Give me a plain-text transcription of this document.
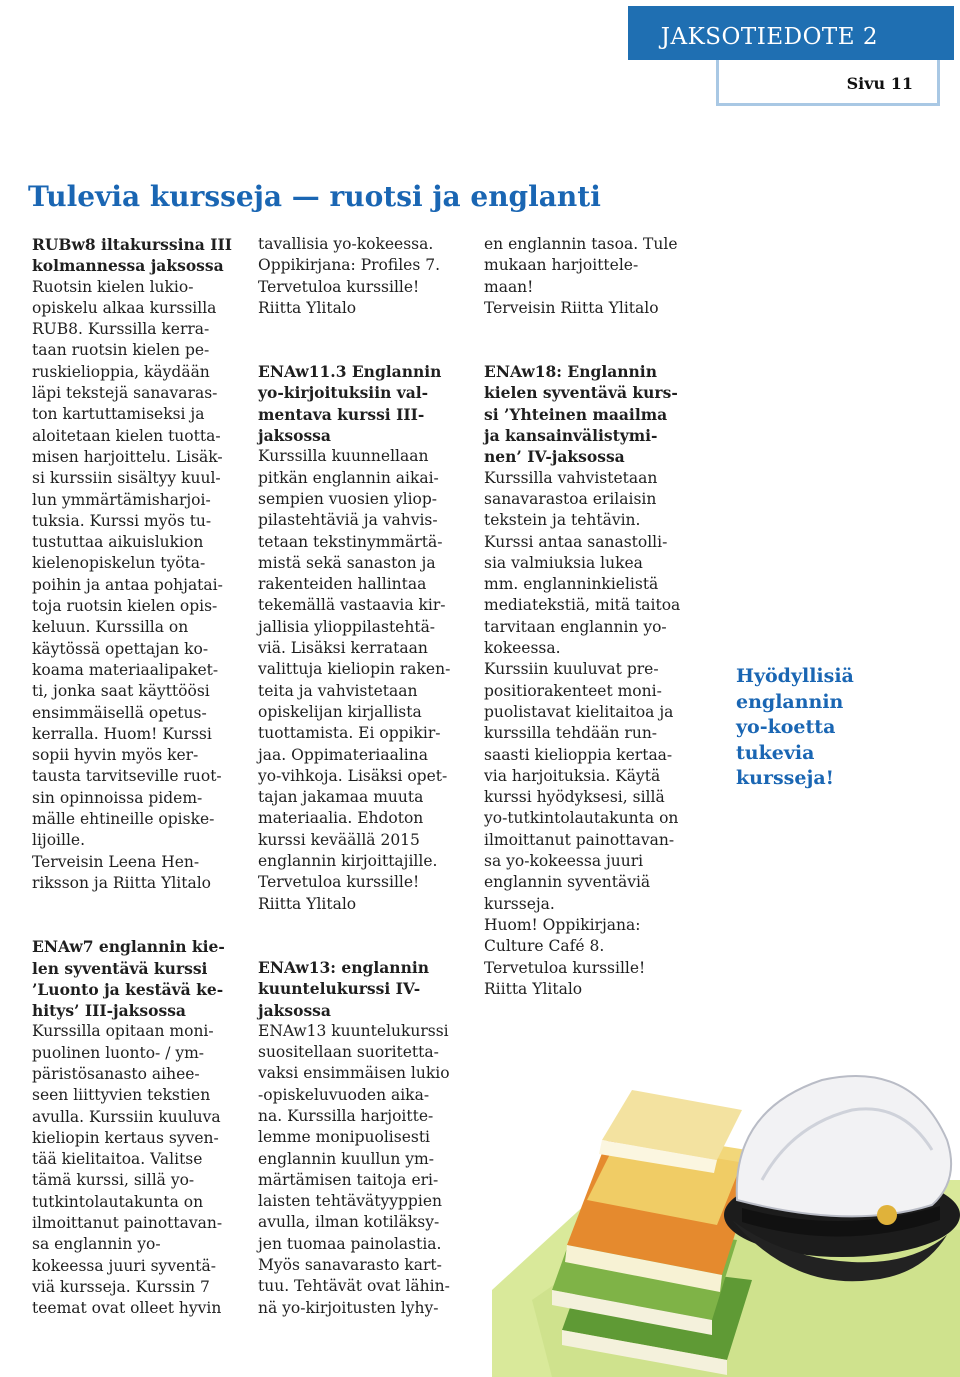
JAKSOTIEDOTE 2
Sivu 11
Tulevia kursseja — ruotsi ja englanti
RUBw8 iltakurssina III
kolmannessa jaksossa
Ruotsin kielen lukio-
opiskelu alkaa kurssilla
RUB8. Kurssilla kerra-
taan ruotsin kielen pe-
ruskielioppia, käydään
läpi tekstejä sanavaras-
ton kartuttamiseksi ja
aloitetaan kielen tuotta-
misen harjoittelu. Lisäk-
si kurssiin sisältyy kuul-
lun ymmärtämisharjoi-
tuksia. Kurssi myös tu-
tustuttaa aikuislukion
kielenopiskelun työta-
poihin ja antaa pohjatai-
toja ruotsin kielen opis-
keluun. Kurssilla on
käytössä opettajan ko-
koama materiaalipaket-
ti, jonka saat käyttöösi
ensimmäisellä opetus-
kerralla. Huom! Kurssi
sopii hyvin myös ker-
tausta tarvitseville ruot-
sin opinnoissa pidem-
mälle ehtineille opiske-
lijoille.
Terveisin Leena Hen-
riksson ja Riitta Ylitalo
ENAw7 englannin kie-
len syventävä kurssi
’Luonto ja kestävä ke-
hitys’ III-jaksossa
Kurssilla opitaan moni-
puolinen luonto- / ym-
päristösanasto aihee-
seen liittyvien tekstien
avulla. Kurssiin kuuluva
kieliopin kertaus syven-
tää kielitaitoa. Valitse
tämä kurssi, sillä yo-
tutkintolautakunta on
ilmoittanut painottavan-
sa englannin yo-
kokeessa juuri syventä-
viä kursseja. Kurssin 7
teemat ovat olleet hyvin
tavallisia yo-kokeessa.
Oppikirjana: Profiles 7.
Tervetuloa kurssille!
Riitta Ylitalo
ENAw11.3 Englannin
yo-kirjoituksiin val-
mentava kurssi III-
jaksossa
Kurssilla kuunnellaan
pitkän englannin aikai-
sempien vuosien yliop-
pilastehtäviä ja vahvis-
tetaan tekstinymmärtä-
mistä sekä sanaston ja
rakenteiden hallintaa
tekemällä vastaavia kir-
jallisia ylioppilastehtä-
viä. Lisäksi kerrataan
valittuja kieliopin raken-
teita ja vahvistetaan
opiskelijan kirjallista
tuottamista. Ei oppikir-
jaa. Oppimateriaalina
yo-vihkoja. Lisäksi opet-
tajan jakamaa muuta
materiaalia. Ehdoton
kurssi keväällä 2015
englannin kirjoittajille.
Tervetuloa kurssille!
Riitta Ylitalo
ENAw13: englannin
kuuntelukurssi IV-
jaksossa
ENAw13 kuuntelukurssi
suositellaan suoritetta-
vaksi ensimmäisen lukio
-opiskeluvuoden aika-
na. Kurssilla harjoitte-
lemme monipuolisesti
englannin kuullun ym-
märtämisen taitoja eri-
laisten tehtävätyyppien
avulla, ilman kotiläksy-
jen tuomaa painolastia.
Myös sanavarasto kart-
tuu. Tehtävät ovat lähin-
nä yo-kirjoitusten lyhy-
en englannin tasoa. Tule
mukaan harjoittele-
maan!
Terveisin Riitta Ylitalo
ENAw18: Englannin
kielen syventävä kurs-
si ’Yhteinen maailma
ja kansainvälistymi-
nen’ IV-jaksossa
Kurssilla vahvistetaan
sanavarastoa erilaisin
tekstein ja tehtävin.
Kurssi antaa sanastolli-
sia valmiuksia lukea
mm. englanninkielistä
mediatekstiä, mitä taitoa
tarvitaan englannin yo-
kokeessa.
Kurssiin kuuluvat pre-
positiorakenteet moni-
puolistavat kielitaitoa ja
kurssilla tehdään run-
saasti kielioppia kertaa-
via harjoituksia. Käytä
kurssi hyödyksesi, sillä
yo-tutkintolautakunta on
ilmoittanut painottavan-
sa yo-kokeessa juuri
englannin syventäviä
kursseja.
Huom! Oppikirjana:
Culture Café 8.
Tervetuloa kurssille!
Riitta Ylitalo
Hyödyllisiä
englannin
yo-koetta
tukevia
kursseja!
